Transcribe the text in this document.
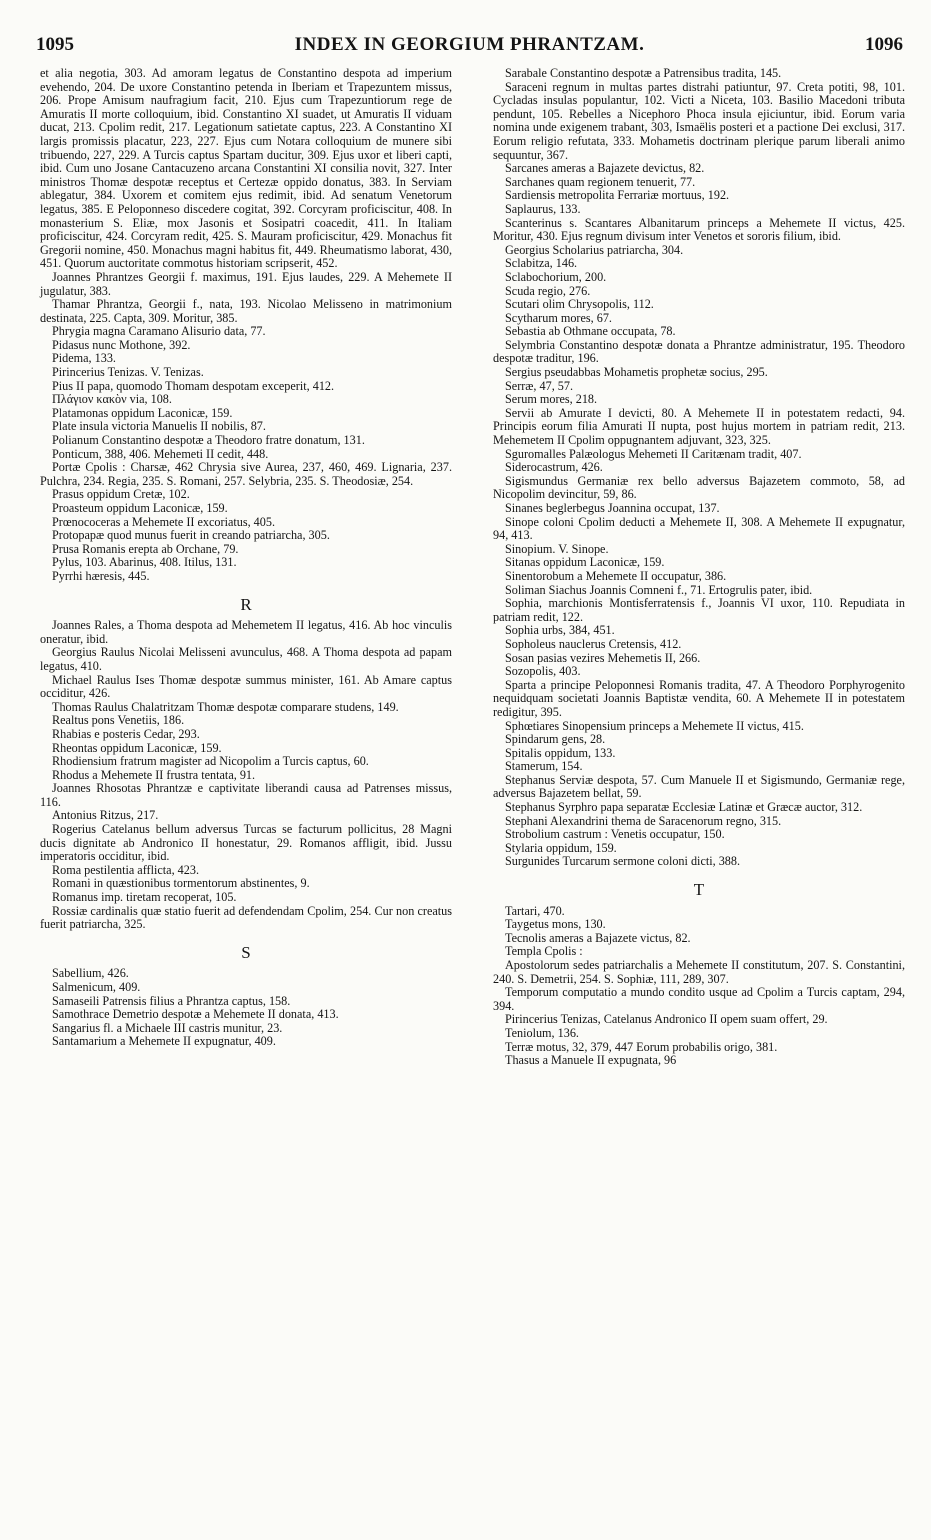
1095	INDEX IN GEORGIUM PHRANTZAM.	1096

et alia negotia, 303. Ad amoram legatus de Constantino despota ad imperium evehendo, 204. De uxore Constantino petenda in Iberiam et Trapezuntem missus, 206. Prope Amisum naufragium facit, 210. Ejus cum Trapezuntiorum rege de Amuratis II morte colloquium, ibid. Constantino XI suadet, ut Amuratis II viduam ducat, 213. Cpolim redit, 217. Legationum satietate captus, 223. A Constantino XI largis promissis placatur, 223, 227. Ejus cum Notara colloquium de munere sibi tribuendo, 227, 229. A Turcis captus Spartam ducitur, 309. Ejus uxor et liberi capti, ibid. Cum uno Josane Cantacuzeno arcana Constantini XI consilia novit, 327. Inter ministros Thomæ despotæ receptus et Certezæ oppido donatus, 383. In Serviam ablegatur, 384. Uxorem et comitem ejus redimit, ibid. Ad senatum Venetorum legatus, 385. E Peloponneso discedere cogitat, 392. Corcyram proficiscitur, 408. In monasterium S. Eliæ, mox Jasonis et Sosipatri coacedit, 411. In Italiam proficiscitur, 424. Corcyram redit, 425. S. Mauram proficiscitur, 429. Monachus fit Gregorii nomine, 450. Monachus magni habitus fit, 449. Rheumatismo laborat, 430, 451. Quorum auctoritate commotus historiam scripserit, 452.

Joannes Phrantzes Georgii f. maximus, 191. Ejus laudes, 229. A Mehemete II jugulatur, 383.

Thamar Phrantza, Georgii f., nata, 193. Nicolao Melisseno in matrimonium destinata, 225. Capta, 309. Moritur, 385.

Phrygia magna Caramano Alisurio data, 77.

Pidasus nunc Mothone, 392.

Pidema, 133.

Pirincerius Tenizas. V. Tenizas.

Pius II papa, quomodo Thomam despotam exceperit, 412.

Πλάγιον κακὸν via, 108.

Platamonas oppidum Laconicæ, 159.

Plate insula victoria Manuelis II nobilis, 87.

Polianum Constantino despotæ a Theodoro fratre donatum, 131.

Ponticum, 388, 406. Mehemeti II cedit, 448.

Portæ Cpolis : Charsæ, 462 Chrysia sive Aurea, 237, 460, 469. Lignaria, 237. Pulchra, 234. Regia, 235. S. Romani, 257. Selybria, 235. S. Theodosiæ, 254.

Prasus oppidum Cretæ, 102.

Proasteum oppidum Laconicæ, 159.

Prœnococeras a Mehemete II excoriatus, 405.

Protopapæ quod munus fuerit in creando patriarcha, 305.

Prusa Romanis erepta ab Orchane, 79.

Pylus, 103. Abarinus, 408. Itilus, 131.

Pyrrhi hæresis, 445.

R

Joannes Rales, a Thoma despota ad Mehemetem II legatus, 416. Ab hoc vinculis oneratur, ibid.

Georgius Raulus Nicolai Melisseni avunculus, 468. A Thoma despota ad papam legatus, 410.

Michael Raulus Ises Thomæ despotæ summus minister, 161. Ab Amare captus occiditur, 426.

Thomas Raulus Chalatritzam Thomæ despotæ comparare studens, 149.

Realtus pons Venetiis, 186.

Rhabias e posteris Cedar, 293.

Rheontas oppidum Laconicæ, 159.

Rhodiensium fratrum magister ad Nicopolim a Turcis captus, 60.

Rhodus a Mehemete II frustra tentata, 91.

Joannes Rhosotas Phrantzæ e captivitate liberandi causa ad Patrenses missus, 116.

Antonius Ritzus, 217.

Rogerius Catelanus bellum adversus Turcas se facturum pollicitus, 28 Magni ducis dignitate ab Andronico II honestatur, 29. Romanos affligit, ibid. Jussu imperatoris occiditur, ibid.

Roma pestilentia afflicta, 423.

Romani in quæstionibus tormentorum abstinentes, 9.

Romanus imp. tiretam recoperat, 105.

Rossiæ cardinalis quæ statio fuerit ad defendendam Cpolim, 254. Cur non creatus fuerit patriarcha, 325.

S

Sabellium, 426.

Salmenicum, 409.

Samaseili Patrensis filius a Phrantza captus, 158.

Samothrace Demetrio despotæ a Mehemete II donata, 413.

Sangarius fl. a Michaele III castris munitur, 23.

Santamarium a Mehemete II expugnatur, 409.

Sarabale Constantino despotæ a Patrensibus tradita, 145.

Saraceni regnum in multas partes distrahi patiuntur, 97. Creta potiti, 98, 101. Cycladas insulas populantur, 102. Victi a Niceta, 103. Basilio Macedoni tributa pendunt, 105. Rebelles a Nicephoro Phoca insula ejiciuntur, ibid. Eorum varia nomina unde exigenem trabant, 303, Ismaëlis posteri et a pactione Dei exclusi, 317. Eorum religio refutata, 333. Mohametis doctrinam plerique parum liberali animo sequuntur, 367.

Sarcanes ameras a Bajazete devictus, 82.

Sarchanes quam regionem tenuerit, 77.

Sardiensis metropolita Ferrariæ mortuus, 192.

Saplaurus, 133.

Scanterinus s. Scantares Albanitarum princeps a Mehemete II victus, 425. Moritur, 430. Ejus regnum divisum inter Venetos et sororis filium, ibid.

Georgius Scholarius patriarcha, 304.

Sclabitza, 146.

Sclabochorium, 200.

Scuda regio, 276.

Scutari olim Chrysopolis, 112.

Scytharum mores, 67.

Sebastia ab Othmane occupata, 78.

Selymbria Constantino despotæ donata a Phrantze administratur, 195. Theodoro despotæ traditur, 196.

Sergius pseudabbas Mohametis prophetæ socius, 295.

Serræ, 47, 57.

Serum mores, 218.

Servii ab Amurate I devicti, 80. A Mehemete II in potestatem redacti, 94. Principis eorum filia Amurati II nupta, post hujus mortem in patriam redit, 213. Mehemetem II Cpolim oppugnantem adjuvant, 323, 325.

Sguromalles Palæologus Mehemeti II Caritænam tradit, 407.

Siderocastrum, 426.

Sigismundus Germaniæ rex bello adversus Bajazetem commoto, 58, ad Nicopolim devincitur, 59, 86.

Sinanes beglerbegus Joannina occupat, 137.

Sinope coloni Cpolim deducti a Mehemete II, 308. A Mehemete II expugnatur, 94, 413.

Sinopium. V. Sinope.

Sitanas oppidum Laconicæ, 159.

Sinentorobum a Mehemete II occupatur, 386.

Soliman Siachus Joannis Comneni f., 71. Ertogrulis pater, ibid.

Sophia, marchionis Montisferratensis f., Joannis VI uxor, 110. Repudiata in patriam redit, 122.

Sophia urbs, 384, 451.

Sopholeus nauclerus Cretensis, 412.

Sosan pasias vezires Mehemetis II, 266.

Sozopolis, 403.

Sparta a principe Peloponnesi Romanis tradita, 47. A Theodoro Porphyrogenito nequidquam societati Joannis Baptistæ vendita, 60. A Mehemete II in potestatem redigitur, 395.

Sphœtiares Sinopensium princeps a Mehemete II victus, 415.

Spindarum gens, 28.

Spitalis oppidum, 133.

Stamerum, 154.

Stephanus Serviæ despota, 57. Cum Manuele II et Sigismundo, Germaniæ rege, adversus Bajazetem bellat, 59.

Stephanus Syrphro papa separatæ Ecclesiæ Latinæ et Græcæ auctor, 312.

Stephani Alexandrini thema de Saracenorum regno, 315.

Strobolium castrum : Venetis occupatur, 150.

Stylaria oppidum, 159.

Surgunides Turcarum sermone coloni dicti, 388.

T

Tartari, 470.

Taygetus mons, 130.

Tecnolis ameras a Bajazete victus, 82.

Templa Cpolis :

Apostolorum sedes patriarchalis a Mehemete II constitutum, 207. S. Constantini, 240. S. Demetrii, 254. S. Sophiæ, 111, 289, 307.

Temporum computatio a mundo condito usque ad Cpolim a Turcis captam, 294, 394.

Pirincerius Tenizas, Catelanus Andronico II opem suam offert, 29.

Teniolum, 136.

Terræ motus, 32, 379, 447 Eorum probabilis origo, 381.

Thasus a Manuele II expugnata, 96
